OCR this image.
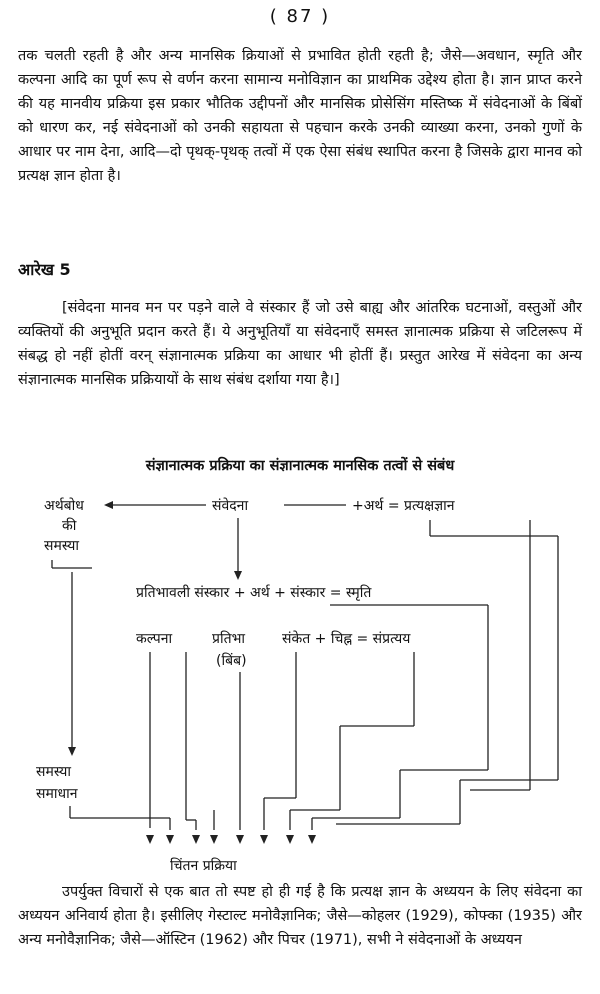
( 87 )

तक चलती रहती है और अन्य मानसिक क्रियाओं से प्रभावित होती रहती है; जैसे—अवधान, स्मृति और कल्पना आदि का पूर्ण रूप से वर्णन करना सामान्य मनोविज्ञान का प्राथमिक उद्देश्य होता है। ज्ञान प्राप्त करने की यह मानवीय प्रक्रिया इस प्रकार भौतिक उद्दीपनों और मानसिक प्रोसेसिंग मस्तिष्क में संवेदनाओं के बिंबों को धारण कर, नई संवेदनाओं को उनकी सहायता से पहचान करके उनकी व्याख्या करना, उनको गुणों के आधार पर नाम देना, आदि—दो पृथक्-पृथक् तत्वों में एक ऐसा संबंध स्थापित करना है जिसके द्वारा मानव को प्रत्यक्ष ज्ञान होता है।

आरेख 5

[संवेदना मानव मन पर पड़ने वाले वे संस्कार हैं जो उसे बाह्य और आंतरिक घटनाओं, वस्तुओं और व्यक्तियों की अनुभूति प्रदान करते हैं। ये अनुभूतियाँ या संवेदनाएँ समस्त ज्ञानात्मक प्रक्रिया से जटिलरूप में संबद्ध हो नहीं होतीं वरन् संज्ञानात्मक प्रक्रिया का आधार भी होतीं हैं। प्रस्तुत आरेख में संवेदना का अन्य संज्ञानात्मक मानसिक प्रक्रियायों के साथ संबंध दर्शाया गया है।]

संज्ञानात्मक प्रक्रिया का संज्ञानात्मक मानसिक तत्वों से संबंध
अर्थबोध
की
समस्या
संवेदना	+अर्थ = प्रत्यक्षज्ञान
प्रतिभावली संस्कार + अर्थ + संस्कार = स्मृति
कल्पना	प्रतिभा
(बिंब)
संकेत + चिह्न = संप्रत्यय
समस्या
समाधान
चिंतन प्रक्रिया

उपर्युक्त विचारों से एक बात तो स्पष्ट हो ही गई है कि प्रत्यक्ष ज्ञान के अध्ययन के लिए संवेदना का अध्ययन अनिवार्य होता है। इसीलिए गेस्टाल्ट मनोवैज्ञानिक; जैसे—कोहलर (1929), कोफ्का (1935) और अन्य मनोवैज्ञानिक; जैसे—ऑस्टिन (1962) और पिचर (1971), सभी ने संवेदनाओं के अध्ययन
